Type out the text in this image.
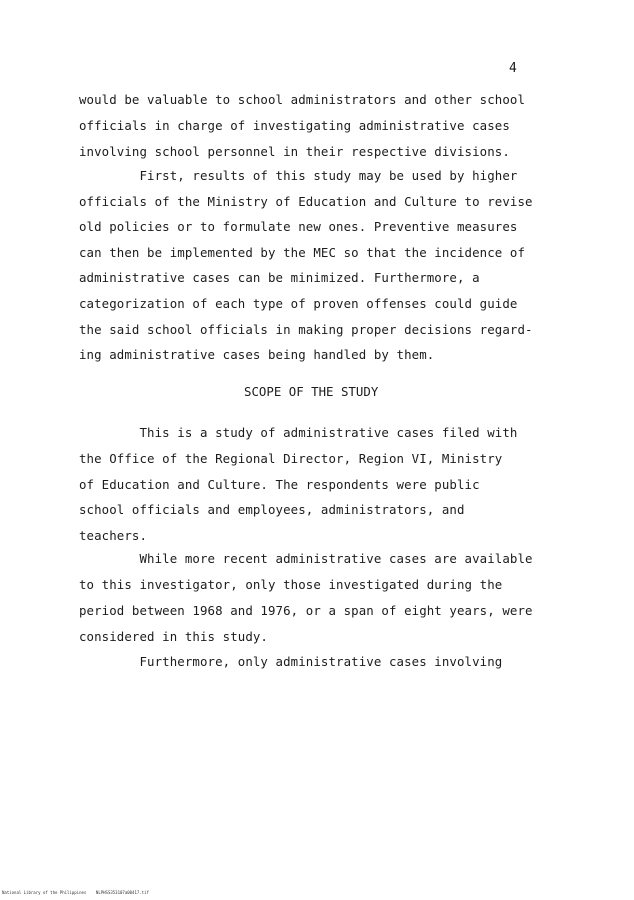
4
would be valuable to school administrators and other school
officials in charge of investigating administrative cases
involving school personnel in their respective divisions.
First, results of this study may be used by higher
officials of the Ministry of Education and Culture to revise
old policies or to formulate new ones. Preventive measures
can then be implemented by the MEC so that the incidence of
administrative cases can be minimized. Furthermore, a
categorization of each type of proven offenses could guide
the said school officials in making proper decisions regard-
ing administrative cases being handled by them.
SCOPE OF THE STUDY
This is a study of administrative cases filed with
the Office of the Regional Director, Region VI, Ministry
of Education and Culture. The respondents were public
school officials and employees, administrators, and
teachers.
While more recent administrative cases are available
to this investigator, only those investigated during the
period between 1968 and 1976, or a span of eight years, were
considered in this study.
Furthermore, only administrative cases involving
National Library of the Philippines    NLPHSS353107a00417.tif
